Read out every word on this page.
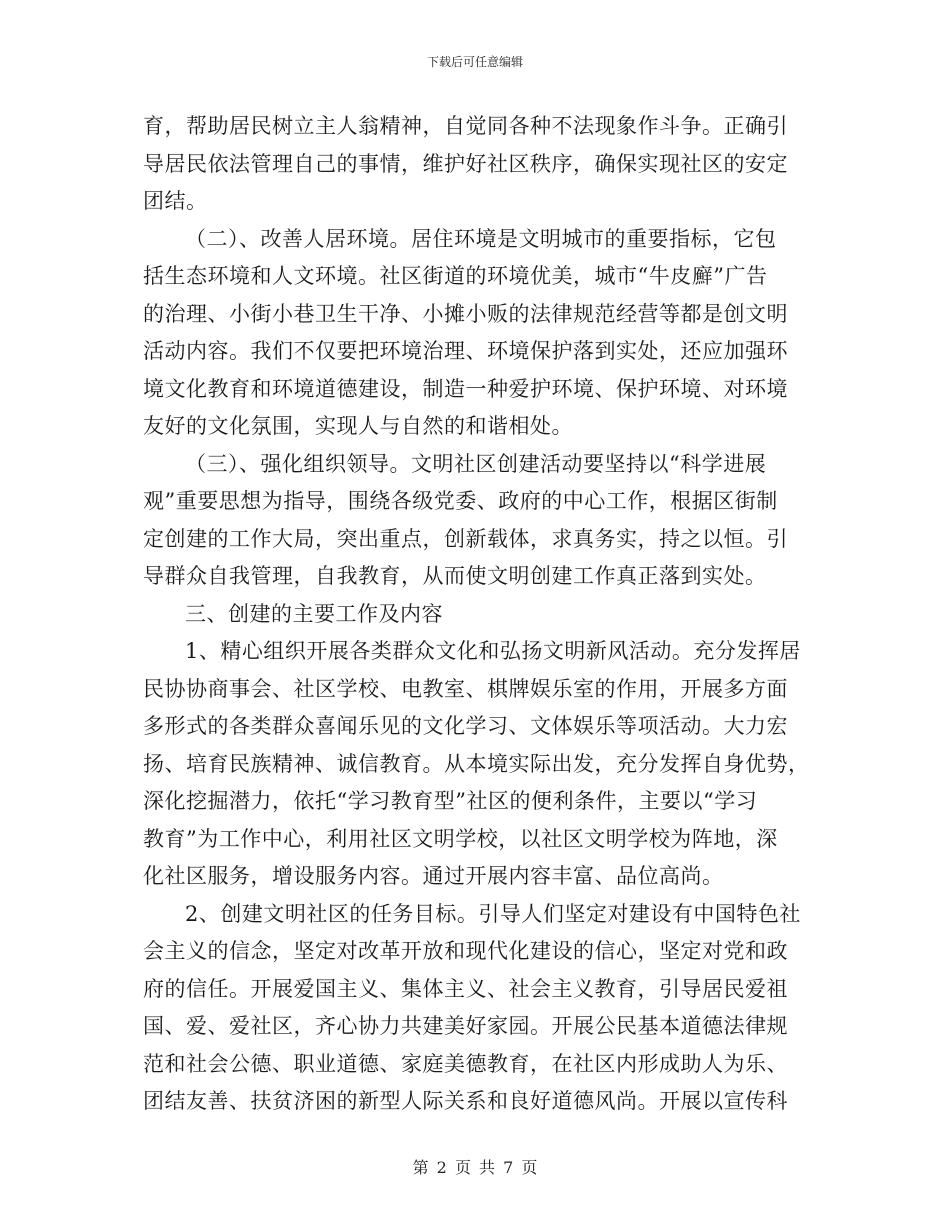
下载后可任意编辑
育，帮助居民树立主人翁精神，自觉同各种不法现象作斗争。正确引
导居民依法管理自己的事情，维护好社区秩序，确保实现社区的安定
团结。
（二）、改善人居环境。居住环境是文明城市的重要指标，它包
括生态环境和人文环境。社区街道的环境优美，城市“牛皮廯”广告
的治理、小街小巷卫生干净、小摊小贩的法律规范经营等都是创文明
活动内容。我们不仅要把环境治理、环境保护落到实处，还应加强环
境文化教育和环境道德建设，制造一种爱护环境、保护环境、对环境
友好的文化氛围，实现人与自然的和谐相处。
（三）、强化组织领导。文明社区创建活动要坚持以“科学进展
观”重要思想为指导，围绕各级党委、政府的中心工作，根据区街制
定创建的工作大局，突出重点，创新载体，求真务实，持之以恒。引
导群众自我管理，自我教育，从而使文明创建工作真正落到实处。
三、创建的主要工作及内容
1、精心组织开展各类群众文化和弘扬文明新风活动。充分发挥居
民协协商事会、社区学校、电教室、棋牌娱乐室的作用，开展多方面
多形式的各类群众喜闻乐见的文化学习、文体娱乐等项活动。大力宏
扬、培育民族精神、诚信教育。从本境实际出发，充分发挥自身优势，
深化挖掘潜力，依托“学习教育型”社区的便利条件，主要以“学习
教育”为工作中心，利用社区文明学校，以社区文明学校为阵地，深
化社区服务，增设服务内容。通过开展内容丰富、品位高尚。
2、创建文明社区的任务目标。引导人们坚定对建设有中国特色社
会主义的信念，坚定对改革开放和现代化建设的信心，坚定对党和政
府的信任。开展爱国主义、集体主义、社会主义教育，引导居民爱祖
国、爱、爱社区，齐心协力共建美好家园。开展公民基本道德法律规
范和社会公德、职业道德、家庭美德教育，在社区内形成助人为乐、
团结友善、扶贫济困的新型人际关系和良好道德风尚。开展以宣传科
第 2 页 共 7 页
